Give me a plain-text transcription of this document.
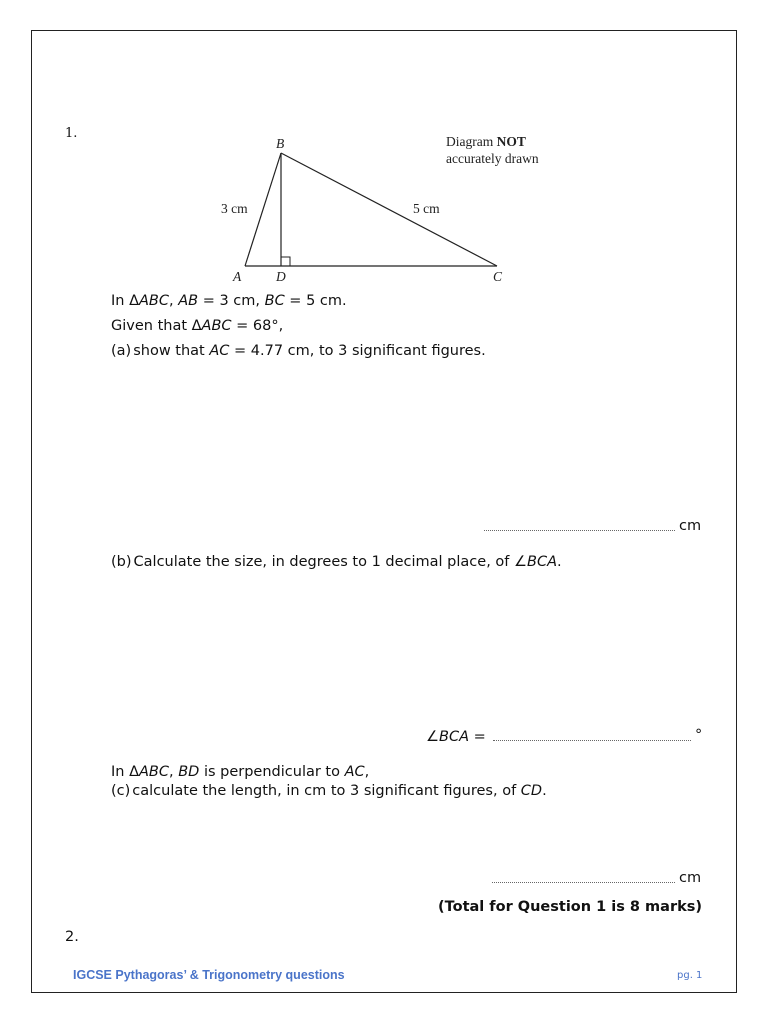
1.
B
A	D	C
3 cm	5 cm
Diagram NOT
accurately drawn
In ΔABC, AB = 3 cm, BC = 5 cm.
Given that ΔABC = 68°,
(a) show that AC = 4.77 cm, to 3 significant figures.
cm
(b) Calculate the size, in degrees to 1 decimal place, of ∠BCA.
∠BCA =	°
In ΔABC, BD is perpendicular to AC,
(c) calculate the length, in cm to 3 significant figures, of CD.
cm
(Total for Question 1 is 8 marks)
2.
IGCSE Pythagoras’ & Trigonometry questions	pg. 1
